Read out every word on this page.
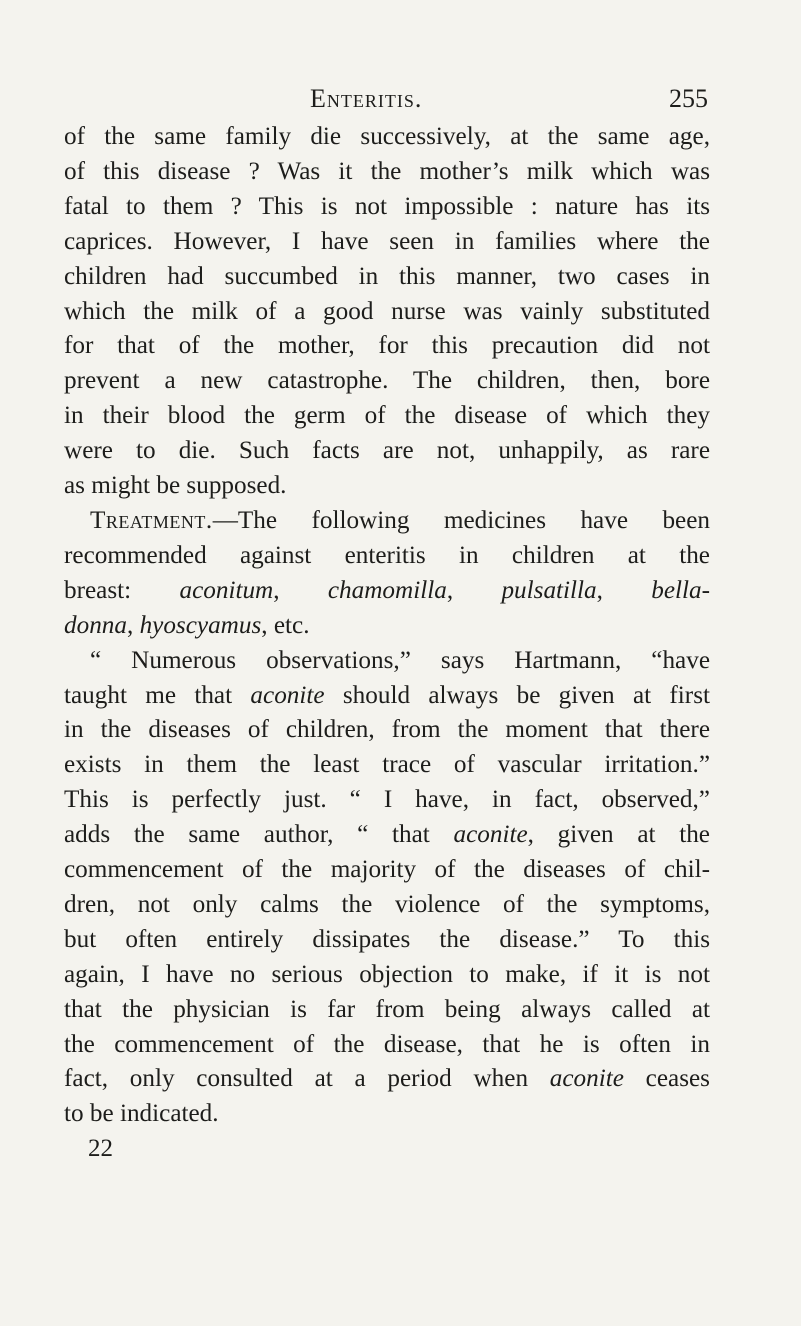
Enteritis.	255
of the same family die successively, at the same age,
of this disease ? Was it the mother’s milk which was
fatal to them ? This is not impossible : nature has its
caprices. However, I have seen in families where the
children had succumbed in this manner, two cases in
which the milk of a good nurse was vainly substituted
for that of the mother, for this precaution did not
prevent a new catastrophe. The children, then, bore
in their blood the germ of the disease of which they
were to die. Such facts are not, unhappily, as rare
as might be supposed.
Treatment.—The following medicines have been
recommended against enteritis in children at the
breast: aconitum, chamomilla, pulsatilla, bella-
donna, hyoscyamus, etc.
“ Numerous observations,” says Hartmann, “have
taught me that aconite should always be given at first
in the diseases of children, from the moment that there
exists in them the least trace of vascular irritation.”
This is perfectly just. “ I have, in fact, observed,”
adds the same author, “ that aconite, given at the
commencement of the majority of the diseases of chil-
dren, not only calms the violence of the symptoms,
but often entirely dissipates the disease.” To this
again, I have no serious objection to make, if it is not
that the physician is far from being always called at
the commencement of the disease, that he is often in
fact, only consulted at a period when aconite ceases
to be indicated.
22
